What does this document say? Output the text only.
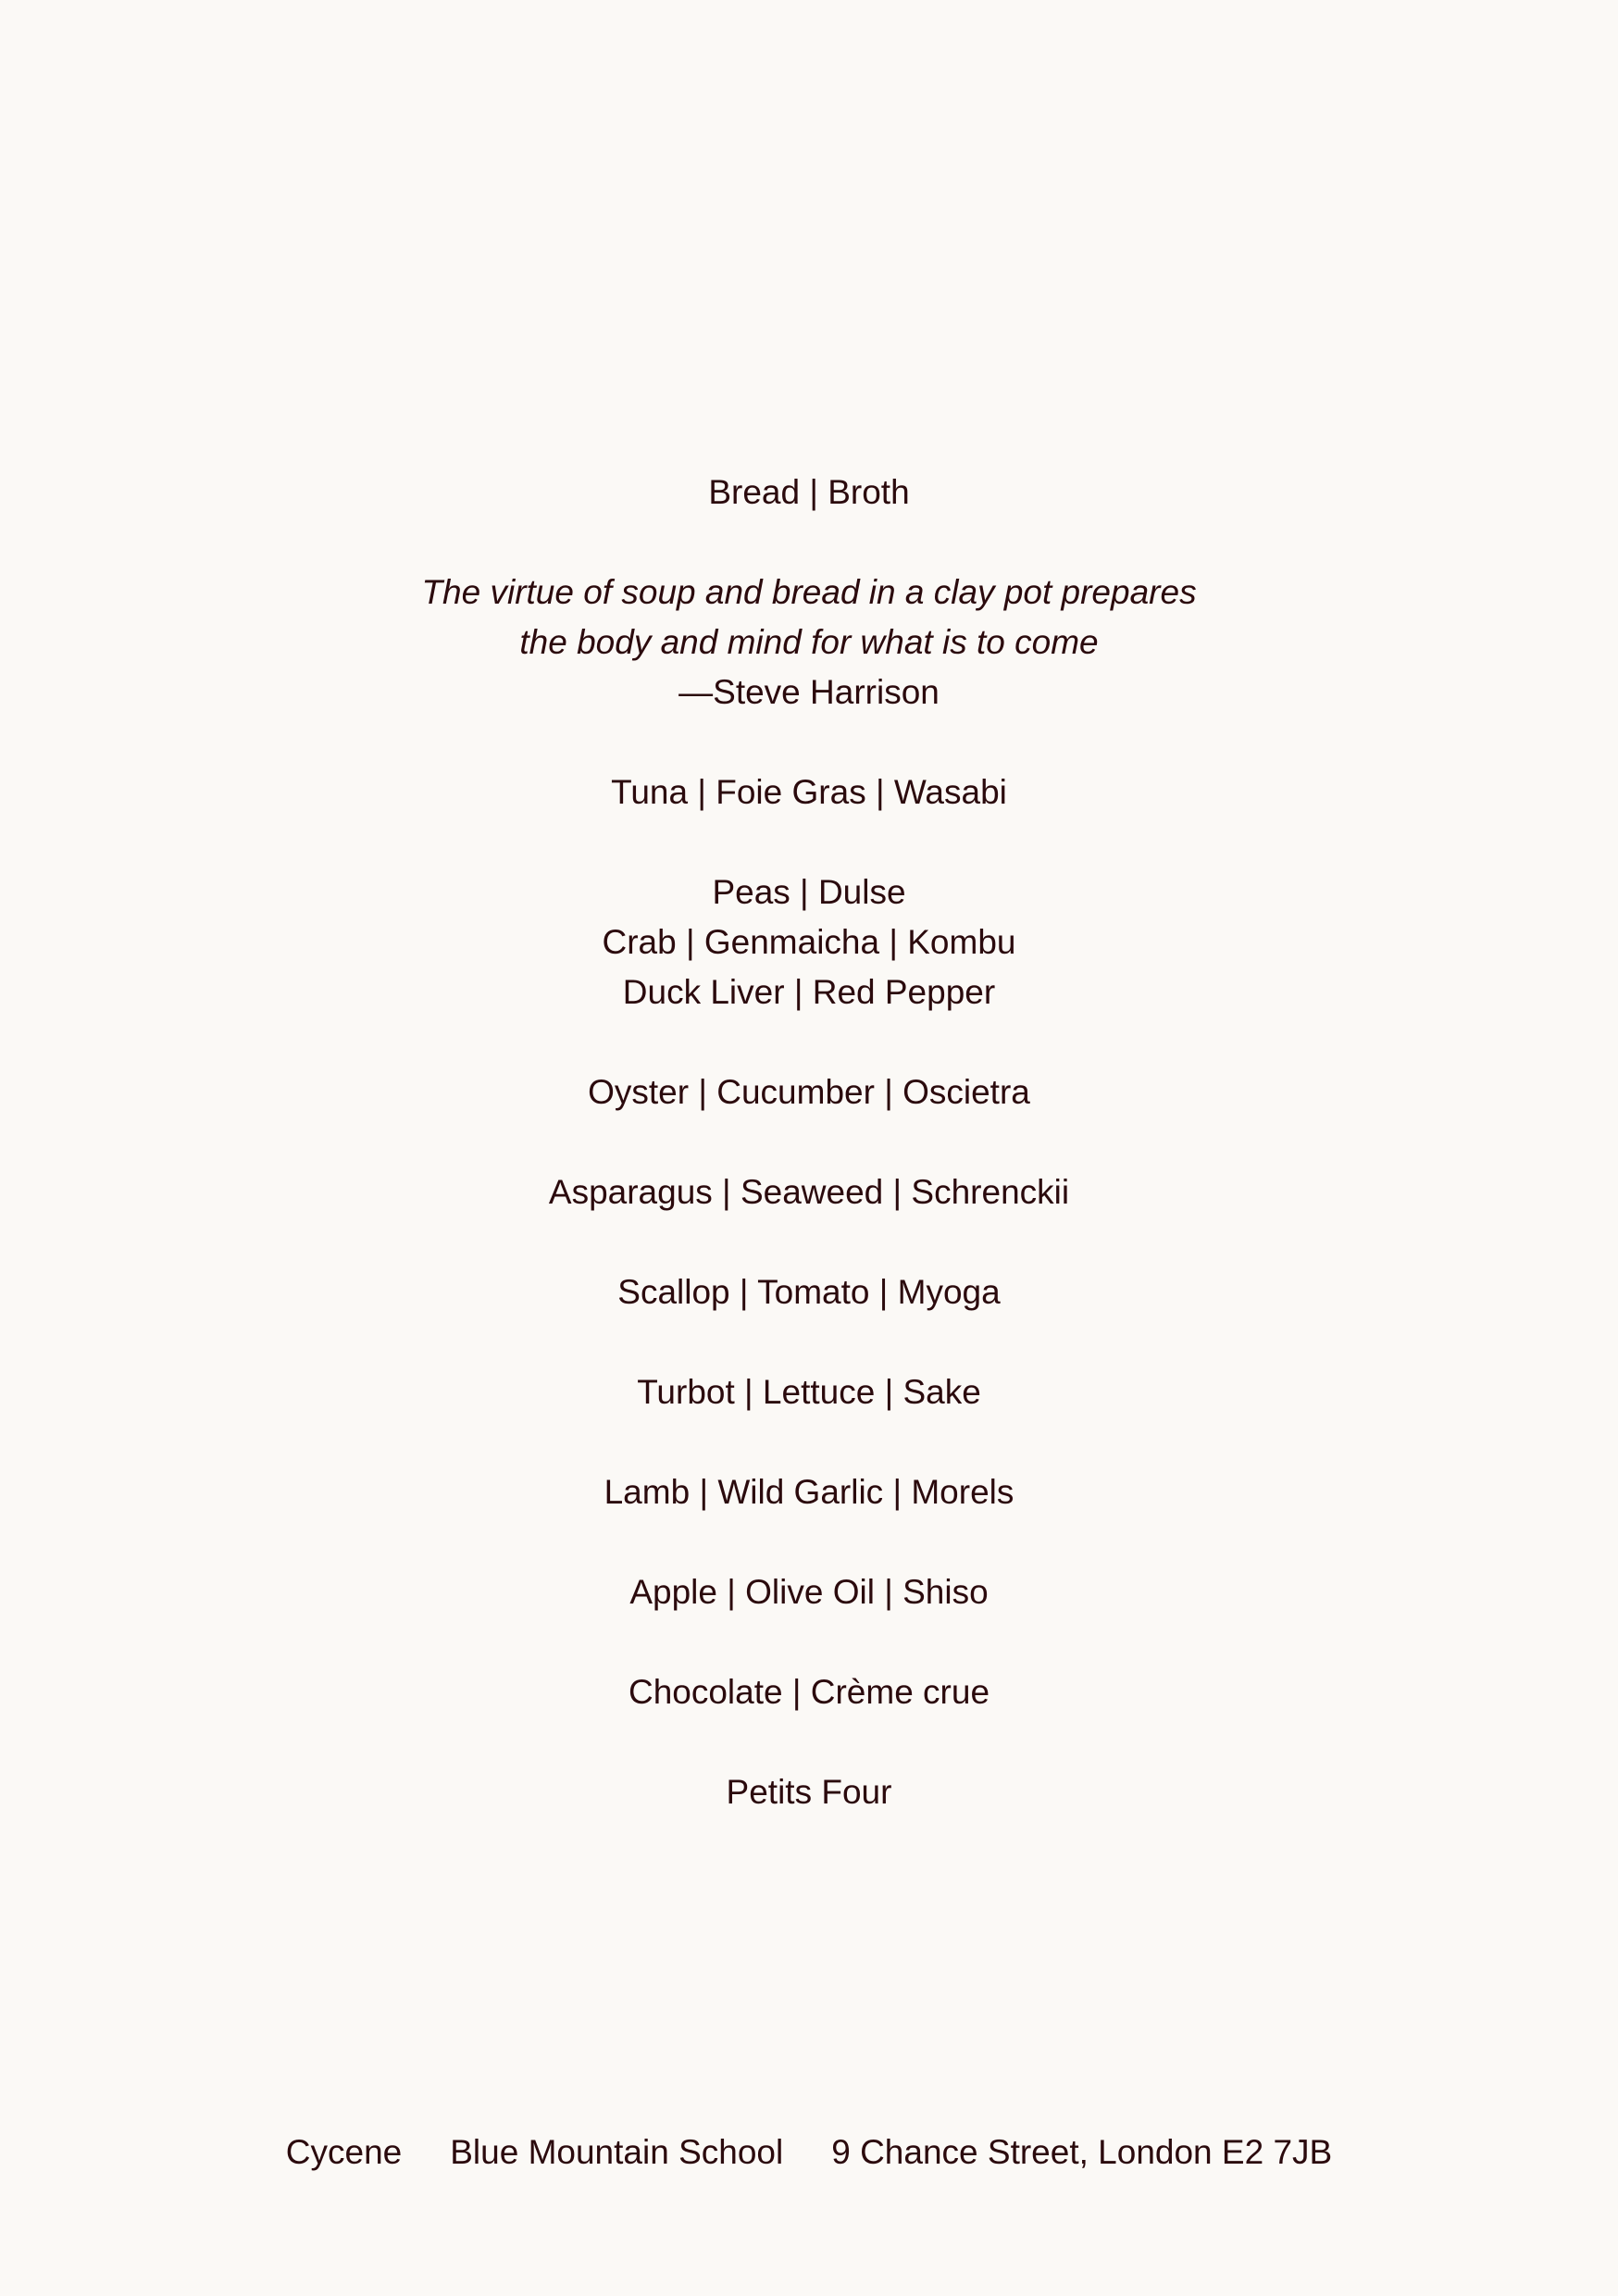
Bread | Broth
The virtue of soup and bread in a clay pot prepares
the body and mind for what is to come
—Steve Harrison
Tuna | Foie Gras | Wasabi
Peas | Dulse
Crab | Genmaicha | Kombu
Duck Liver | Red Pepper
Oyster | Cucumber | Oscietra
Asparagus | Seaweed | Schrenckii
Scallop | Tomato | Myoga
Turbot | Lettuce | Sake
Lamb | Wild Garlic | Morels
Apple | Olive Oil | Shiso
Chocolate | Crème crue
Petits Four
Cycene Blue Mountain School 9 Chance Street, London E2 7JB
